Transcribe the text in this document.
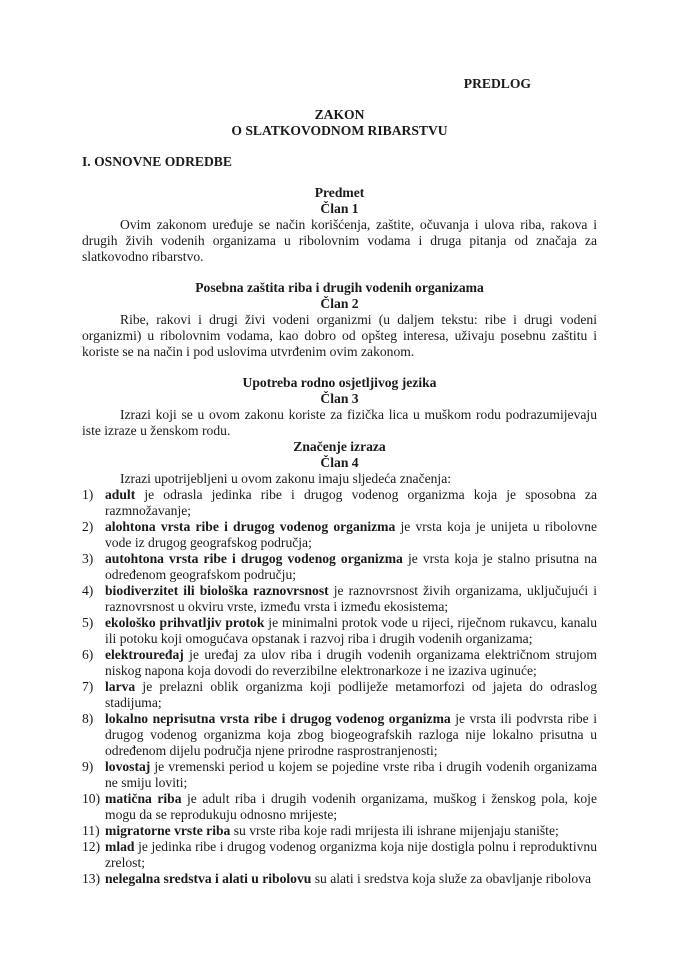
PREDLOG
ZAKON
O SLATKOVODNOM RIBARSTVU
I. OSNOVNE ODREDBE
Predmet
Član 1

Ovim zakonom uređuje se način korišćenja, zaštite, očuvanja i ulova riba, rakova i drugih živih vodenih organizama u ribolovnim vodama i druga pitanja od značaja za slatkovodno ribarstvo.

Posebna zaštita riba i drugih vodenih organizama
Član 2

Ribe, rakovi i drugi živi vodeni organizmi (u daljem tekstu: ribe i drugi vodeni organizmi) u ribolovnim vodama, kao dobro od opšteg interesa, uživaju posebnu zaštitu i koriste se na način i pod uslovima utvrđenim ovim zakonom.

Upotreba rodno osjetljivog jezika
Član 3

Izrazi koji se u ovom zakonu koriste za fizička lica u muškom rodu podrazumijevaju iste izraze u ženskom rodu.

Značenje izraza
Član 4

Izrazi upotrijebljeni u ovom zakonu imaju sljedeća značenja:

1) adult je odrasla jedinka ribe i drugog vodenog organizma koja je sposobna za razmnožavanje;
2) alohtona vrsta ribe i drugog vodenog organizma je vrsta koja je unijeta u ribolovne vode iz drugog geografskog područja;
3) autohtona vrsta ribe i drugog vodenog organizma je vrsta koja je stalno prisutna na određenom geografskom području;
4) biodiverzitet ili biološka raznovrsnost je raznovrsnost živih organizama, uključujući i raznovrsnost u okviru vrste, između vrsta i između ekosistema;
5) ekološko prihvatljiv protok je minimalni protok vode u rijeci, riječnom rukavcu, kanalu ili potoku koji omogućava opstanak i razvoj riba i drugih vodenih organizama;
6) elektrouređaj je uređaj za ulov riba i drugih vodenih organizama električnom strujom niskog napona koja dovodi do reverzibilne elektronarkoze i ne izaziva uginuće;
7) larva je prelazni oblik organizma koji podliježe metamorfozi od jajeta do odraslog stadijuma;
8) lokalno neprisutna vrsta ribe i drugog vodenog organizma je vrsta ili podvrsta ribe i drugog vodenog organizma koja zbog biogeografskih razloga nije lokalno prisutna u određenom dijelu područja njene prirodne rasprostranjenosti;
9) lovostaj je vremenski period u kojem se pojedine vrste riba i drugih vodenih organizama ne smiju loviti;
10) matična riba je adult riba i drugih vodenih organizama, muškog i ženskog pola, koje mogu da se reprodukuju odnosno mrijeste;
11) migratorne vrste riba su vrste riba koje radi mrijesta ili ishrane mijenjaju stanište;
12) mlad je jedinka ribe i drugog vodenog organizma koja nije dostigla polnu i reproduktivnu zrelost;
13) nelegalna sredstva i alati u ribolovu su alati i sredstva koja služe za obavljanje ribolova
